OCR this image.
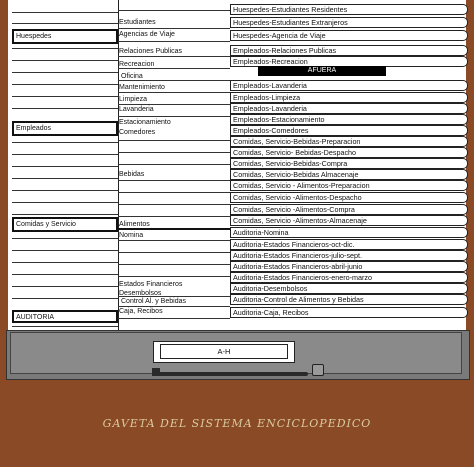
Huespedes
Empleados
Comidas y Servicio
AUDITORIA
Estudiantes
Agencias de Viaje
Relaciones Publicas
Recreacion
Oficina
Mantenimiento
Limpieza
Lavanderia
Estacionamiento
Comedores
Bebidas
Alimentos
Nomina
Estados Financieros
Desembolsos
Control Al. y Bebidas
Caja, Recibos
Huespedes-Estudiantes Residentes
Huespedes-Estudiantes Extranjeros
Huespedes-Agencia de Viaje
Empleados-Relaciones Publicas
Empleados-Recreacion
AFUERA
Empleados-Lavanderia
Empleados-Limpieza
Empleados-Lavanderia
Empleados-Estacionamiento
Empleados-Comedores
Comidas, Servicio-Bebidas-Preparacion
Comidas, Servicio- Bebidas-Despacho
Comidas, Servicio-Bebidas-Compra
Comidas, Servicio-Bebidas Almacenaje
Comidas, Servicio - Alimentos-Preparacion
Comidas, Servicio -Alimentos-Despacho
Comidas, Servicio -Alimentos-Compra
Comidas, Servicio -Alimentos-Almacenaje
Auditoria-Nomina
Auditoria-Estados Financieros-oct-dic.
Auditoria-Estados Financieros-julio-sept.
Auditoria-Estados Financieros-abril-junio
Auditoria-Estados Financieros-enero-marzo
Auditoria-Desembolsos
Auditoria-Control de Alimentos y Bebidas
Auditoria-Caja, Recibos
A-H
GAVETA DEL SISTEMA ENCICLOPEDICO
